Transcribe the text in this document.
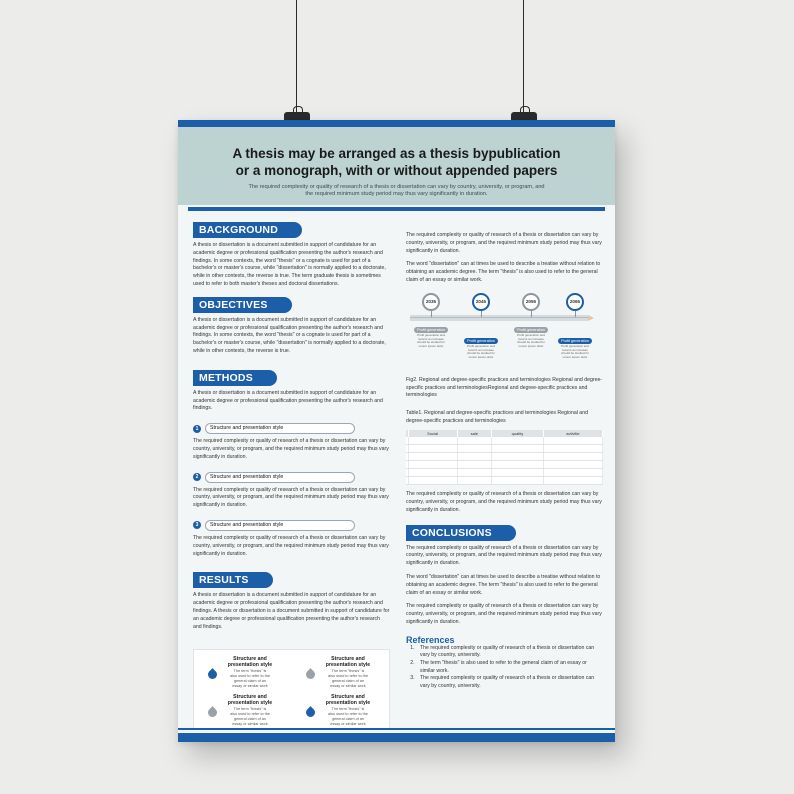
A thesis may be arranged as a thesis bypublication or a monograph, with or without appended papers
The required complexity or quality of research of a thesis or dissertation can vary by country, university, or program, and the required minimum study period may thus vary significantly in duration.
BACKGROUND
A thesis or dissertation is a document submitted in support of candidature for an academic degree or professional qualification presenting the author's research and findings. In some contexts, the word "thesis" or a cognate is used for part of a bachelor's or master's course, while "dissertation" is normally applied to a doctorate, while in other contexts, the reverse is true. The term graduate thesis is sometimes used to refer to both master's theses and doctoral dissertations.
OBJECTIVES
A thesis or dissertation is a document submitted in support of candidature for an academic degree or professional qualification presenting the author's research and findings. In some contexts, the word "thesis" or a cognate is used for part of a bachelor's or master's course, while "dissertation" is normally applied to a doctorate, while in other contexts, the reverse is true.
METHODS
A thesis or dissertation is a document submitted in support of candidature for an academic degree or professional qualification presenting the author's research and findings.
1	Structure and presentation style
The required complexity or quality of research of a thesis or dissertation can vary by country, university, or program, and the required minimum study period may thus vary significantly in duration.
2	Structure and presentation style
The required complexity or quality of research of a thesis or dissertation can vary by country, university, or program, and the required minimum study period may thus vary significantly in duration.
3	Structure and presentation style
The required complexity or quality of research of a thesis or dissertation can vary by country, university, or program, and the required minimum study period may thus vary significantly in duration.
RESULTS
A thesis or dissertation is a document submitted in support of candidature for an academic degree or professional qualification presenting the author's research and findings. A thesis or dissertation is a document submitted in support of candidature for an academic degree or professional qualification presenting the author's research and findings.
Structure and presentation style
The term "thesis" is also used to refer to the general claim of an essay or similar work
Structure and presentation style
The term "thesis" is also used to refer to the general claim of an essay or similar work
Structure and presentation style
The term "thesis" is also used to refer to the general claim of an essay or similar work
Structure and presentation style
The term "thesis" is also used to refer to the general claim of an essay or similar work
The required complexity or quality of research of a thesis or dissertation can vary by country, university, or program, and the required minimum study period may thus vary significantly in duration.
The word "dissertation" can at times be used to describe a treatise without relation to obtaining an academic degree. The term "thesis" is also used to refer to the general claim of an essay or similar work.
2035
Profit generation
Profit generation and local is an increase should be studied for Lorem ipsum dolor
2045
Profit generation
Profit generation and local is an increase should be studied for Lorem ipsum dolor
2055
Profit generation
Profit generation and local is an increase should be studied for Lorem ipsum dolor
2065
Profit generation
Profit generation and local is an increase should be studied for Lorem ipsum dolor
Fig2. Regional and degree-specific practices and terminologies Regional and degree-specific practices and terminologiesRegional and degree-specific practices and terminologies
Table1. Regional and degree-specific practices and terminologies Regional and degree-specific practices and terminologies
	Social	sale	quality	activitie

The required complexity or quality of research of a thesis or dissertation can vary by country, university, or program, and the required minimum study period may thus vary significantly in duration.
CONCLUSIONS
The required complexity or quality of research of a thesis or dissertation can vary by country, university, or program, and the required minimum study period may thus vary significantly in duration.
The word "dissertation" can at times be used to describe a treatise without relation to obtaining an academic degree. The term "thesis" is also used to refer to the general claim of an essay or similar work.
The required complexity or quality of research of a thesis or dissertation can vary by country, university, or program, and the required minimum study period may thus vary significantly in duration.
References
1. The required complexity or quality of research of a thesis or dissertation can vary by country, university.
2. The term "thesis" is also used to refer to the general claim of an essay or similar work.
3. The required complexity or quality of research of a thesis or dissertation can vary by country, university.
